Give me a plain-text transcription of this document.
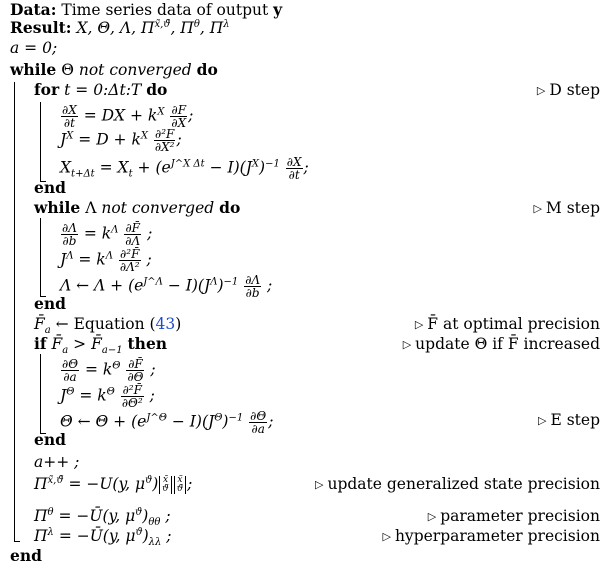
Data: Time series data of output y
Result: X, Θ, Λ, $\Pi^{x̃,ϑ̃}$, $\Pi^\theta$, $\Pi^\lambda$
a = 0;
while Θ not converged do
for t = 0:Δt:T do	▷ D step
$\frac{\partial X}{\partial t}$ = DX + $k^X \frac{\partial F}{\partial X}$ ;
$J^X = D + k^X \frac{\text{∂²F}}{\text{∂X²}}$ ;
$X_{t+\Delta t} = X_t + (e^{J\^{}X \Delta t} - I)(J^X)^{-1} \frac{\partial X}{\partial t}$ ;
end
while Λ not converged do	▷ M step
$\frac{\partial\Lambda}{\partial b} = k^\Lambda \frac{\partial F̄}{\partial\Lambda}$ ;
$J^\Lambda = k^\Lambda \frac{\text{∂²F̄}}{\text{∂Λ²}}$ ;
Λ ← $\Lambda + (e^{J\^{}\Lambda} - I)(J^\Lambda)^{-1} \frac{\partial\Lambda}{\partial b}$ ;
end
$F̄_a$ ← Equation (43)	▷ F̄ at optimal precision
if $F̄_a$ > $F̄_{a-1}$ then	▷ update Θ if F̄ increased
$\frac{\partial\Theta}{\partial a} = k^\Theta \frac{\partial F̄}{\partial\Theta}$ ;
$J^\Theta = k^\Theta \frac{\text{∂²F̄}}{\text{∂Θ²}}$ ;
Θ ← $\Theta + (e^{J\^{}\Theta} - I)(J^\Theta)^{-1} \frac{\partial\Theta}{\partial a}$ ;	▷ E step
end
a++ ;
$\Pi^{x̃,ϑ̃} = -U(y$, $\mu^ϑ$) x̃
ϑ̃
x̃
ϑ̃ ;	▷ update generalized state precision
$\Pi^\theta$ = −Ū(y, $\mu^ϑ)_{\theta\theta}$ ;	▷ parameter precision
$\Pi^\lambda$ = −Ū(y, $\mu^ϑ)_{\lambda\lambda}$ ;	▷ hyperparameter precision
end
